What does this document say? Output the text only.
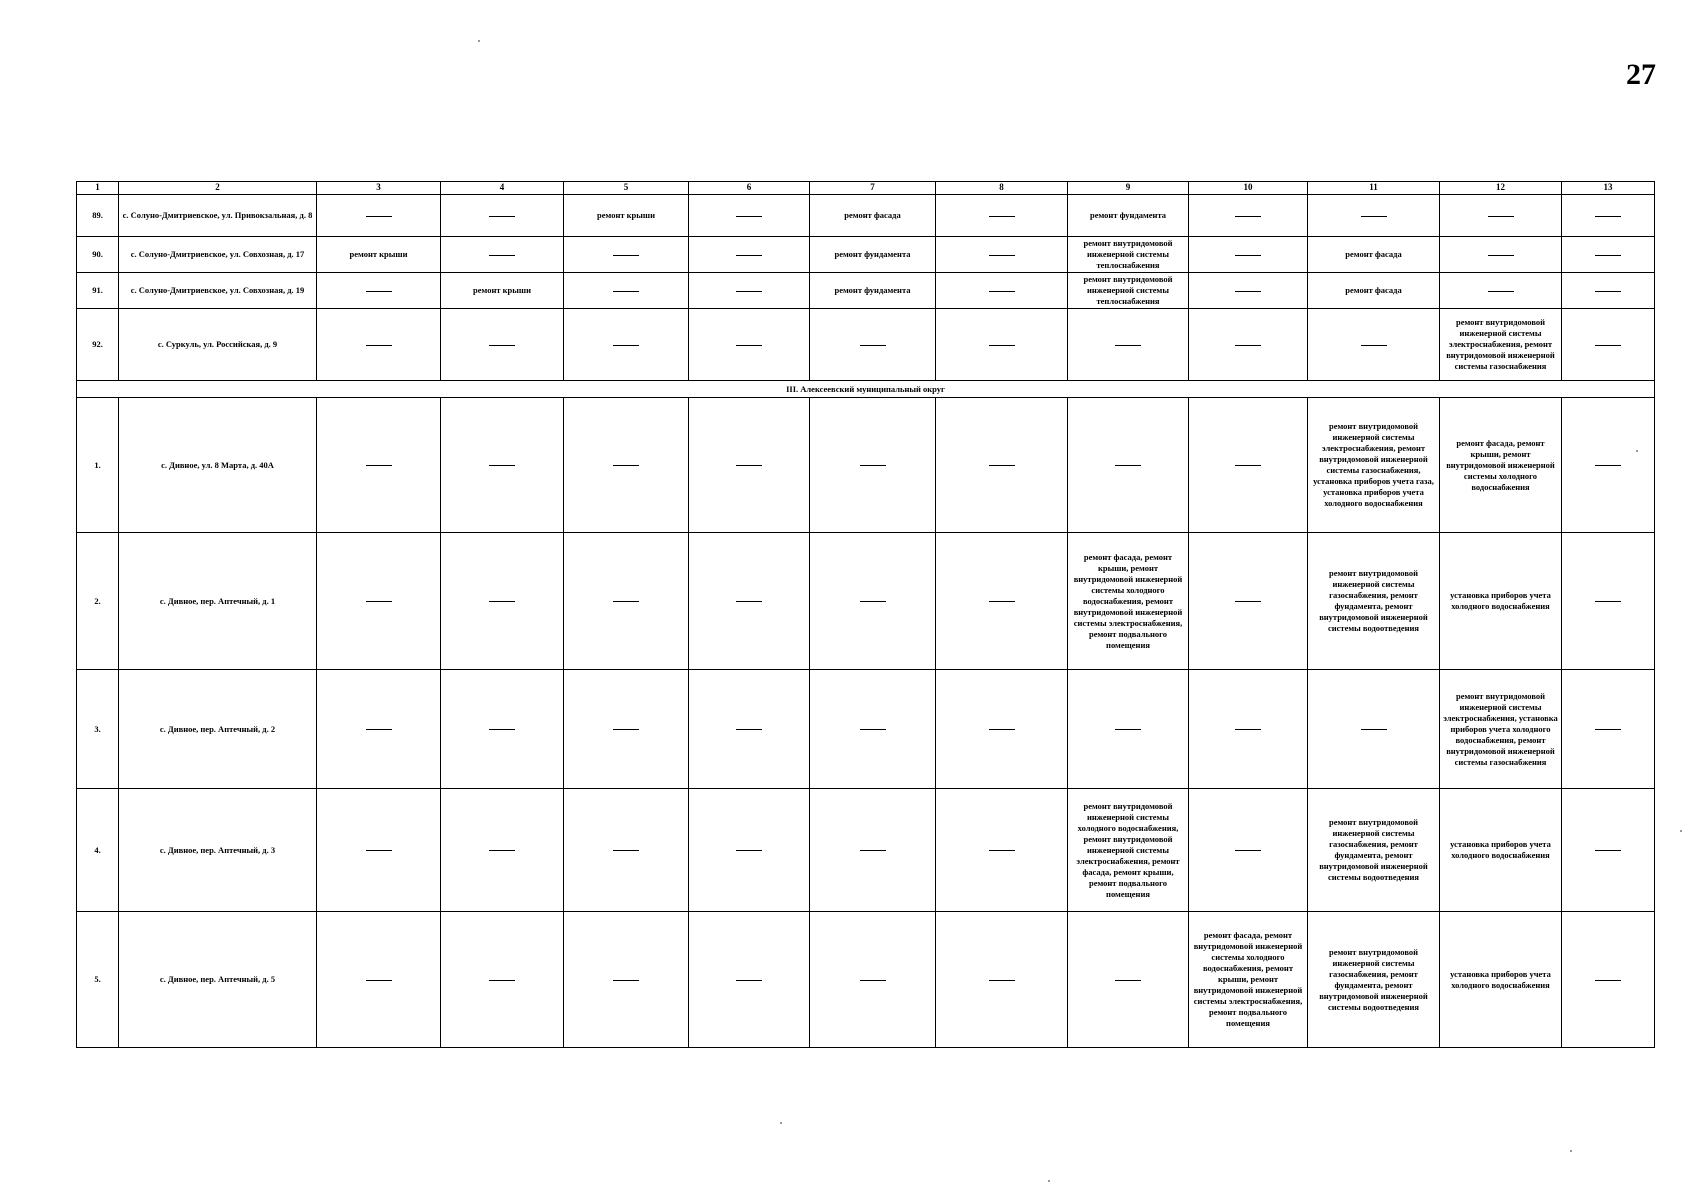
27
1	2	3	4	5	6	7	8	9	10	11	12	13
89.	с. Солуно-Дмитриевское, ул. Привокзальная, д. 8			ремонт крыши		ремонт фасада		ремонт фундамента				
90.	с. Солуно-Дмитриевское, ул. Совхозная, д. 17	ремонт крыши				ремонт фундамента		ремонт внутридомовой инженерной системы теплоснабжения		ремонт фасада		
91.	с. Солуно-Дмитриевское, ул. Совхозная, д. 19		ремонт крыши			ремонт фундамента		ремонт внутридомовой инженерной системы теплоснабжения		ремонт фасада		
92.	с. Суркуль, ул. Российская, д. 9										ремонт внутридомовой инженерной системы электроснабжения, ремонт внутридомовой инженерной системы газоснабжения	
III. Алексеевский муниципальный округ												
1.	с. Дивное, ул. 8 Марта, д. 40А									ремонт внутридомовой инженерной системы электроснабжения, ремонт внутридомовой инженерной системы газоснабжения, установка приборов учета газа, установка приборов учета холодного водоснабжения	ремонт фасада, ремонт крыши, ремонт внутридомовой инженерной системы холодного водоснабжения	
2.	с. Дивное, пер. Аптечный, д. 1							ремонт фасада, ремонт крыши, ремонт внутридомовой инженерной системы холодного водоснабжения, ремонт внутридомовой инженерной системы электроснабжения, ремонт подвального помещения		ремонт внутридомовой инженерной системы газоснабжения, ремонт фундамента, ремонт внутридомовой инженерной системы водоотведения	установка приборов учета холодного водоснабжения	
3.	с. Дивное, пер. Аптечный, д. 2										ремонт внутридомовой инженерной системы электроснабжения, установка приборов учета холодного водоснабжения, ремонт внутридомовой инженерной системы газоснабжения	
4.	с. Дивное, пер. Аптечный, д. 3							ремонт внутридомовой инженерной системы холодного водоснабжения, ремонт внутридомовой инженерной системы электроснабжения, ремонт фасада, ремонт крыши, ремонт подвального помещения		ремонт внутридомовой инженерной системы газоснабжения, ремонт фундамента, ремонт внутридомовой инженерной системы водоотведения	установка приборов учета холодного водоснабжения	
5.	с. Дивное, пер. Аптечный, д. 5								ремонт фасада, ремонт внутридомовой инженерной системы холодного водоснабжения, ремонт крыши, ремонт внутридомовой инженерной системы электроснабжения, ремонт подвального помещения	ремонт внутридомовой инженерной системы газоснабжения, ремонт фундамента, ремонт внутридомовой инженерной системы водоотведения	установка приборов учета холодного водоснабжения	
